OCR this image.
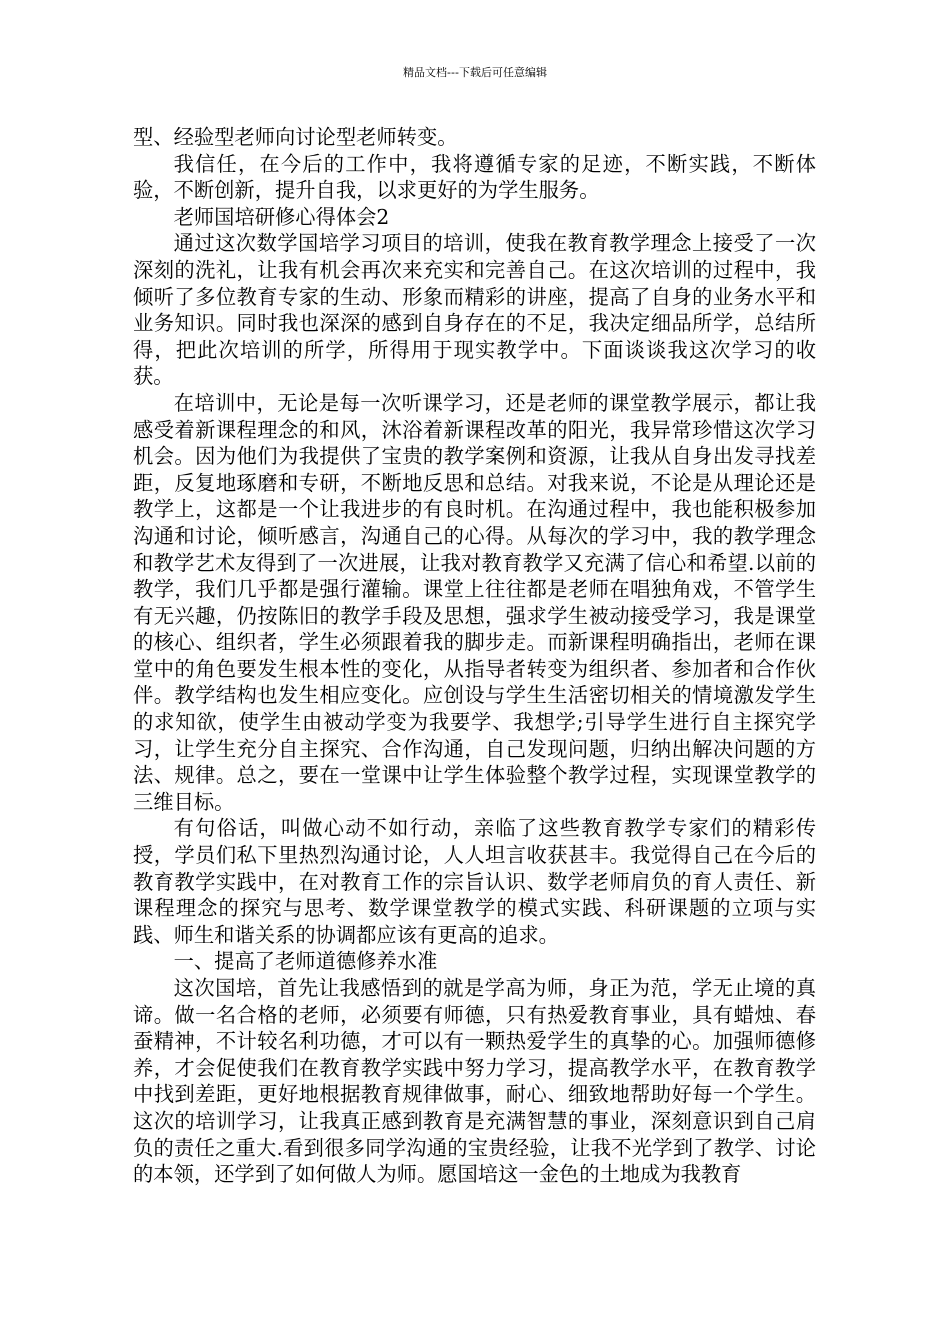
精品文档---下载后可任意编辑

型、经验型老师向讨论型老师转变。

我信任，在今后的工作中，我将遵循专家的足迹，不断实践，不断体验，不断创新，提升自我，以求更好的为学生服务。

老师国培研修心得体会2

通过这次数学国培学习项目的培训，使我在教育教学理念上接受了一次深刻的洗礼，让我有机会再次来充实和完善自己。在这次培训的过程中，我倾听了多位教育专家的生动、形象而精彩的讲座，提高了自身的业务水平和业务知识。同时我也深深的感到自身存在的不足，我决定细品所学，总结所得，把此次培训的所学，所得用于现实教学中。下面谈谈我这次学习的收获。

在培训中，无论是每一次听课学习，还是老师的课堂教学展示，都让我感受着新课程理念的和风，沐浴着新课程改革的阳光，我异常珍惜这次学习机会。因为他们为我提供了宝贵的教学案例和资源，让我从自身出发寻找差距，反复地琢磨和专研，不断地反思和总结。对我来说，不论是从理论还是教学上，这都是一个让我进步的有良时机。在沟通过程中，我也能积极参加沟通和讨论，倾听感言，沟通自己的心得。从每次的学习中，我的教学理念和教学艺术友得到了一次进展，让我对教育教学又充满了信心和希望.以前的教学，我们几乎都是强行灌输。课堂上往往都是老师在唱独角戏，不管学生有无兴趣，仍按陈旧的教学手段及思想，强求学生被动接受学习，我是课堂的核心、组织者，学生必须跟着我的脚步走。而新课程明确指出，老师在课堂中的角色要发生根本性的变化，从指导者转变为组织者、参加者和合作伙伴。教学结构也发生相应变化。应创设与学生生活密切相关的情境激发学生的求知欲，使学生由被动学变为我要学、我想学;引导学生进行自主探究学习，让学生充分自主探究、合作沟通，自己发现问题，归纳出解决问题的方法、规律。总之，要在一堂课中让学生体验整个教学过程，实现课堂教学的三维目标。

有句俗话，叫做心动不如行动，亲临了这些教育教学专家们的精彩传授，学员们私下里热烈沟通讨论，人人坦言收获甚丰。我觉得自己在今后的教育教学实践中，在对教育工作的宗旨认识、数学老师肩负的育人责任、新课程理念的探究与思考、数学课堂教学的模式实践、科研课题的立项与实践、师生和谐关系的协调都应该有更高的追求。

一、提高了老师道德修养水准

这次国培，首先让我感悟到的就是学高为师，身正为范，学无止境的真谛。做一名合格的老师，必须要有师德，只有热爱教育事业，具有蜡烛、春蚕精神，不计较名利功德，才可以有一颗热爱学生的真挚的心。加强师德修养，才会促使我们在教育教学实践中努力学习，提高教学水平，在教育教学中找到差距，更好地根据教育规律做事，耐心、细致地帮助好每一个学生。这次的培训学习，让我真正感到教育是充满智慧的事业，深刻意识到自己肩负的责任之重大.看到很多同学沟通的宝贵经验，让我不光学到了教学、讨论的本领，还学到了如何做人为师。愿国培这一金色的土地成为我教育
